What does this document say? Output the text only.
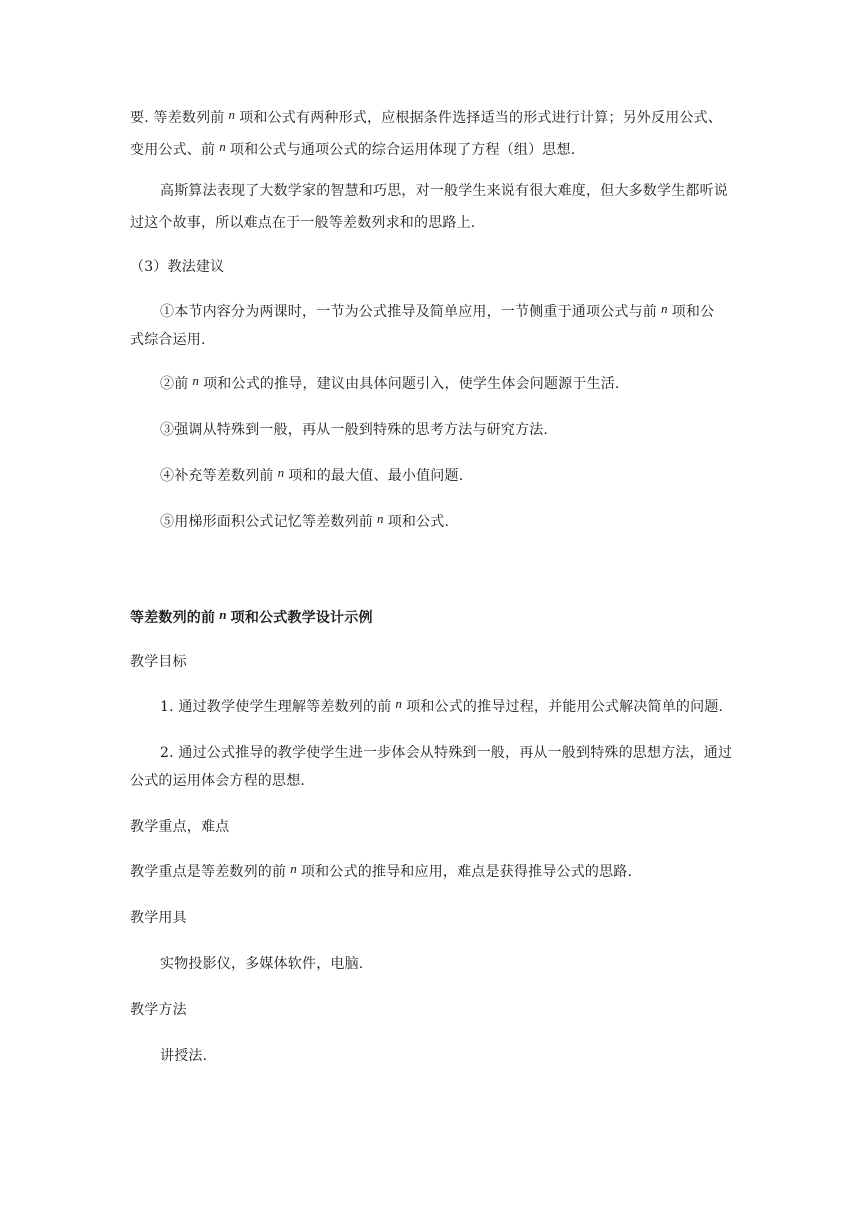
要. 等差数列前 n 项和公式有两种形式，应根据条件选择适当的形式进行计算；另外反用公式、
变用公式、前 n 项和公式与通项公式的综合运用体现了方程（组）思想.
高斯算法表现了大数学家的智慧和巧思，对一般学生来说有很大难度，但大多数学生都听说
过这个故事，所以难点在于一般等差数列求和的思路上.
（3）教法建议
①本节内容分为两课时，一节为公式推导及简单应用，一节侧重于通项公式与前 n 项和公
式综合运用.
②前 n 项和公式的推导，建议由具体问题引入，使学生体会问题源于生活.
③强调从特殊到一般，再从一般到特殊的思考方法与研究方法.
④补充等差数列前 n 项和的最大值、最小值问题.
⑤用梯形面积公式记忆等差数列前 n 项和公式.
等差数列的前 n 项和公式教学设计示例
教学目标
1. 通过教学使学生理解等差数列的前 n 项和公式的推导过程，并能用公式解决简单的问题.
2. 通过公式推导的教学使学生进一步体会从特殊到一般，再从一般到特殊的思想方法，通过
公式的运用体会方程的思想.
教学重点，难点
教学重点是等差数列的前 n 项和公式的推导和应用，难点是获得推导公式的思路.
教学用具
实物投影仪，多媒体软件，电脑.
教学方法
讲授法.
